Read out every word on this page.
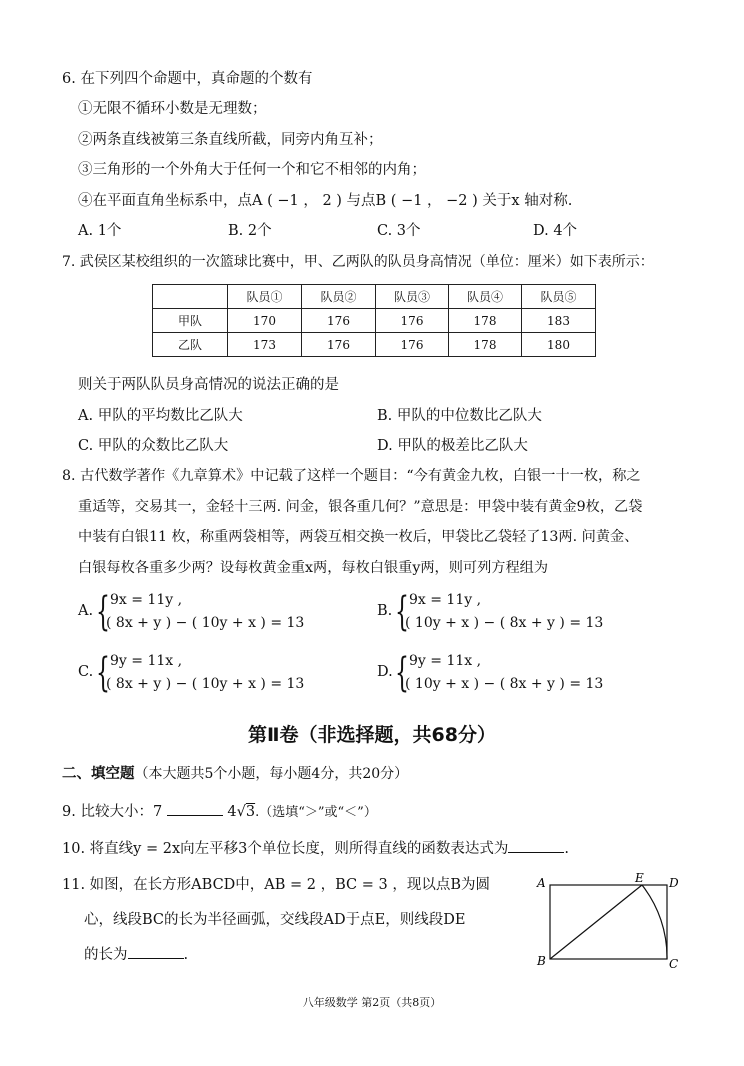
6. 在下列四个命题中，真命题的个数有
①无限不循环小数是无理数；
②两条直线被第三条直线所截，同旁内角互补；
③三角形的一个外角大于任何一个和它不相邻的内角；
④在平面直角坐标系中，点A ( −1 ， 2 ) 与点B ( −1 ， −2 ) 关于x 轴对称.
A. 1个	B. 2个	C. 3个	D. 4个
7. 武侯区某校组织的一次篮球比赛中，甲、乙两队的队员身高情况（单位：厘米）如下表所示：
	队员①	队员②	队员③	队员④	队员⑤
甲队	170	176	176	178	183
乙队	173	176	176	178	180
则关于两队队员身高情况的说法正确的是
A. 甲队的平均数比乙队大	B. 甲队的中位数比乙队大
C. 甲队的众数比乙队大	D. 甲队的极差比乙队大
8. 古代数学著作《九章算术》中记载了这样一个题目：“今有黄金九枚，白银一十一枚，称之
重适等，交易其一，金轻十三两. 问金，银各重几何？”意思是：甲袋中装有黄金9枚，乙袋
中装有白银11 枚，称重两袋相等，两袋互相交换一枚后，甲袋比乙袋轻了13两. 问黄金、
白银每枚各重多少两？设每枚黄金重x两，每枚白银重y两，则可列方程组为
A. { 9x = 11y ,
( 8x + y ) − ( 10y + x ) = 13
B. { 9x = 11y ,
( 10y + x ) − ( 8x + y ) = 13
C. { 9y = 11x ,
( 8x + y ) − ( 10y + x ) = 13
D. { 9y = 11x ,
( 10y + x ) − ( 8x + y ) = 13
第Ⅱ卷（非选择题，共68分）
二、填空题（本大题共5个小题，每小题4分，共20分）
9. 比较大小：7	4√3.（选填“＞”或“＜”）
10. 将直线y = 2x向左平移3个单位长度，则所得直线的函数表达式为	.
11. 如图，在长方形ABCD中，AB = 2 ，BC = 3 ，现以点B为圆
心，线段BC的长为半径画弧，交线段AD于点E，则线段DE
的长为	.
A	E D
B	C
八年级数学 第2页（共8页）
